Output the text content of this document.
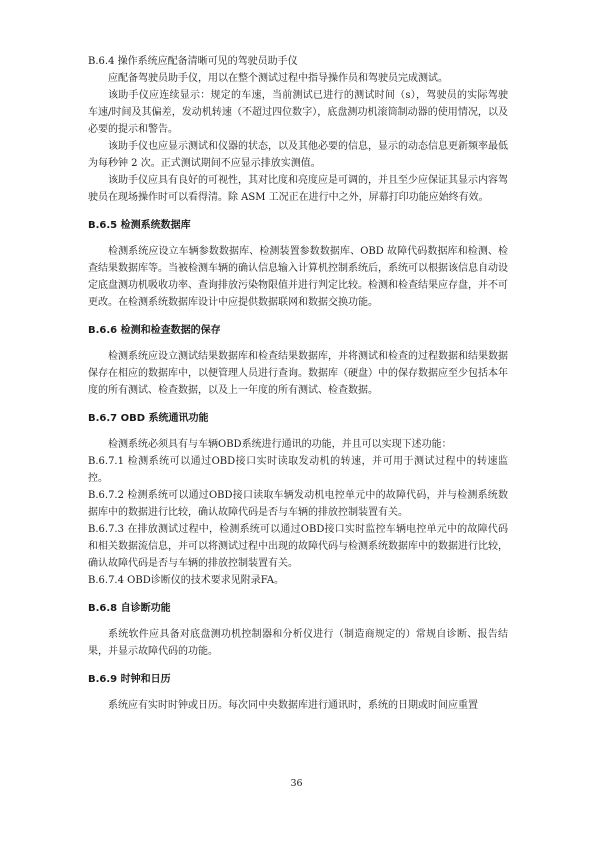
B.6.4 操作系统应配备清晰可见的驾驶员助手仪

应配备驾驶员助手仪，用以在整个测试过程中指导操作员和驾驶员完成测试。

该助手仪应连续显示：规定的车速，当前测试已进行的测试时间（s），驾驶员的实际驾驶车速/时间及其偏差，发动机转速（不超过四位数字），底盘测功机滚筒制动器的使用情况，以及必要的提示和警告。

该助手仪也应显示测试和仪器的状态，以及其他必要的信息，显示的动态信息更新频率最低为每秒钟 2 次。正式测试期间不应显示排放实测值。

该助手仪应具有良好的可视性，其对比度和亮度应是可调的，并且至少应保证其显示内容驾驶员在现场操作时可以看得清。除 ASM 工况正在进行中之外，屏幕打印功能应始终有效。

B.6.5 检测系统数据库

检测系统应设立车辆参数数据库、检测装置参数数据库、OBD 故障代码数据库和检测、检查结果数据库等。当被检测车辆的确认信息输入计算机控制系统后，系统可以根据该信息自动设定底盘测功机吸收功率、查询排放污染物限值并进行判定比较。检测和检查结果应存盘，并不可更改。在检测系统数据库设计中应提供数据联网和数据交换功能。

B.6.6 检测和检查数据的保存

检测系统应设立测试结果数据库和检查结果数据库，并将测试和检查的过程数据和结果数据保存在相应的数据库中，以便管理人员进行查询。数据库（硬盘）中的保存数据应至少包括本年度的所有测试、检查数据，以及上一年度的所有测试、检查数据。

B.6.7 OBD 系统通讯功能

检测系统必须具有与车辆OBD系统进行通讯的功能，并且可以实现下述功能：

B.6.7.1 检测系统可以通过OBD接口实时读取发动机的转速，并可用于测试过程中的转速监控。

B.6.7.2 检测系统可以通过OBD接口读取车辆发动机电控单元中的故障代码，并与检测系统数据库中的数据进行比较，确认故障代码是否与车辆的排放控制装置有关。

B.6.7.3 在排放测试过程中，检测系统可以通过OBD接口实时监控车辆电控单元中的故障代码和相关数据流信息，并可以将测试过程中出现的故障代码与检测系统数据库中的数据进行比较，确认故障代码是否与车辆的排放控制装置有关。

B.6.7.4 OBD诊断仪的技术要求见附录FA。

B.6.8 自诊断功能

系统软件应具备对底盘测功机控制器和分析仪进行（制造商规定的）常规自诊断、报告结果，并显示故障代码的功能。

B.6.9 时钟和日历

系统应有实时时钟或日历。每次同中央数据库进行通讯时，系统的日期或时间应重置

36
